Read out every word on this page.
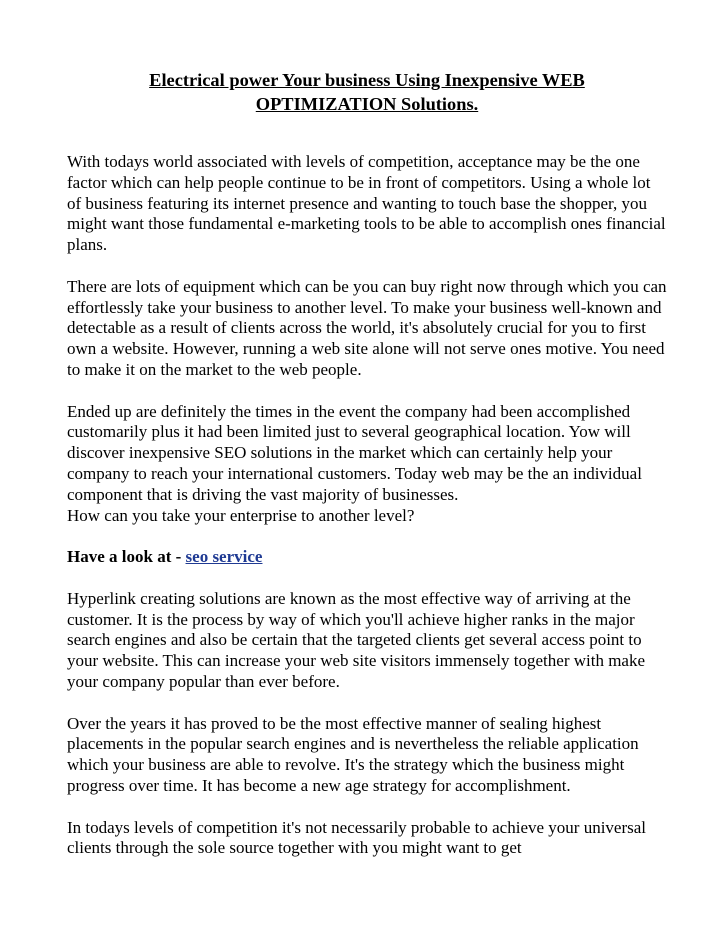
Electrical power Your business Using Inexpensive WEB OPTIMIZATION Solutions.

With todays world associated with levels of competition, acceptance may be the one factor which can help people continue to be in front of competitors. Using a whole lot of business featuring its internet presence and wanting to touch base the shopper, you might want those fundamental e-marketing tools to be able to accomplish ones financial plans.

There are lots of equipment which can be you can buy right now through which you can effortlessly take your business to another level. To make your business well-known and detectable as a result of clients across the world, it's absolutely crucial for you to first own a website. However, running a web site alone will not serve ones motive. You need to make it on the market to the web people.

Ended up are definitely the times in the event the company had been accomplished customarily plus it had been limited just to several geographical location. Yow will discover inexpensive SEO solutions in the market which can certainly help your company to reach your international customers. Today web may be the an individual component that is driving the vast majority of businesses.

How can you take your enterprise to another level?

Have a look at - seo service

Hyperlink creating solutions are known as the most effective way of arriving at the customer. It is the process by way of which you'll achieve higher ranks in the major search engines and also be certain that the targeted clients get several access point to your website. This can increase your web site visitors immensely together with make your company popular than ever before.

Over the years it has proved to be the most effective manner of sealing highest placements in the popular search engines and is nevertheless the reliable application which your business are able to revolve. It's the strategy which the business might progress over time. It has become a new age strategy for accomplishment.

In todays levels of competition it's not necessarily probable to achieve your universal clients through the sole source together with you might want to get
